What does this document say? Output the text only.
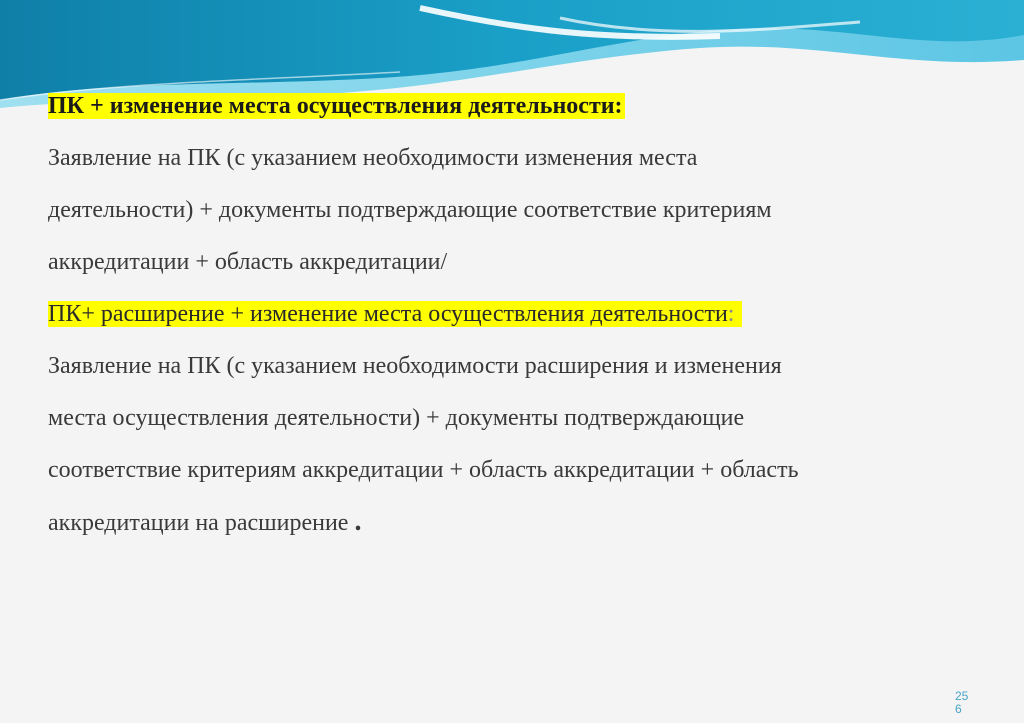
ПК + изменение места осуществления деятельности:

Заявление на ПК (с указанием необходимости изменения места

деятельности) + документы подтверждающие соответствие критериям

аккредитации + область аккредитации/

ПК+ расширение + изменение места осуществления деятельности:

Заявление на ПК (с указанием необходимости расширения и изменения

места осуществления деятельности) + документы подтверждающие

соответствие критериям аккредитации + область аккредитации + область

аккредитации на расширение .

256
